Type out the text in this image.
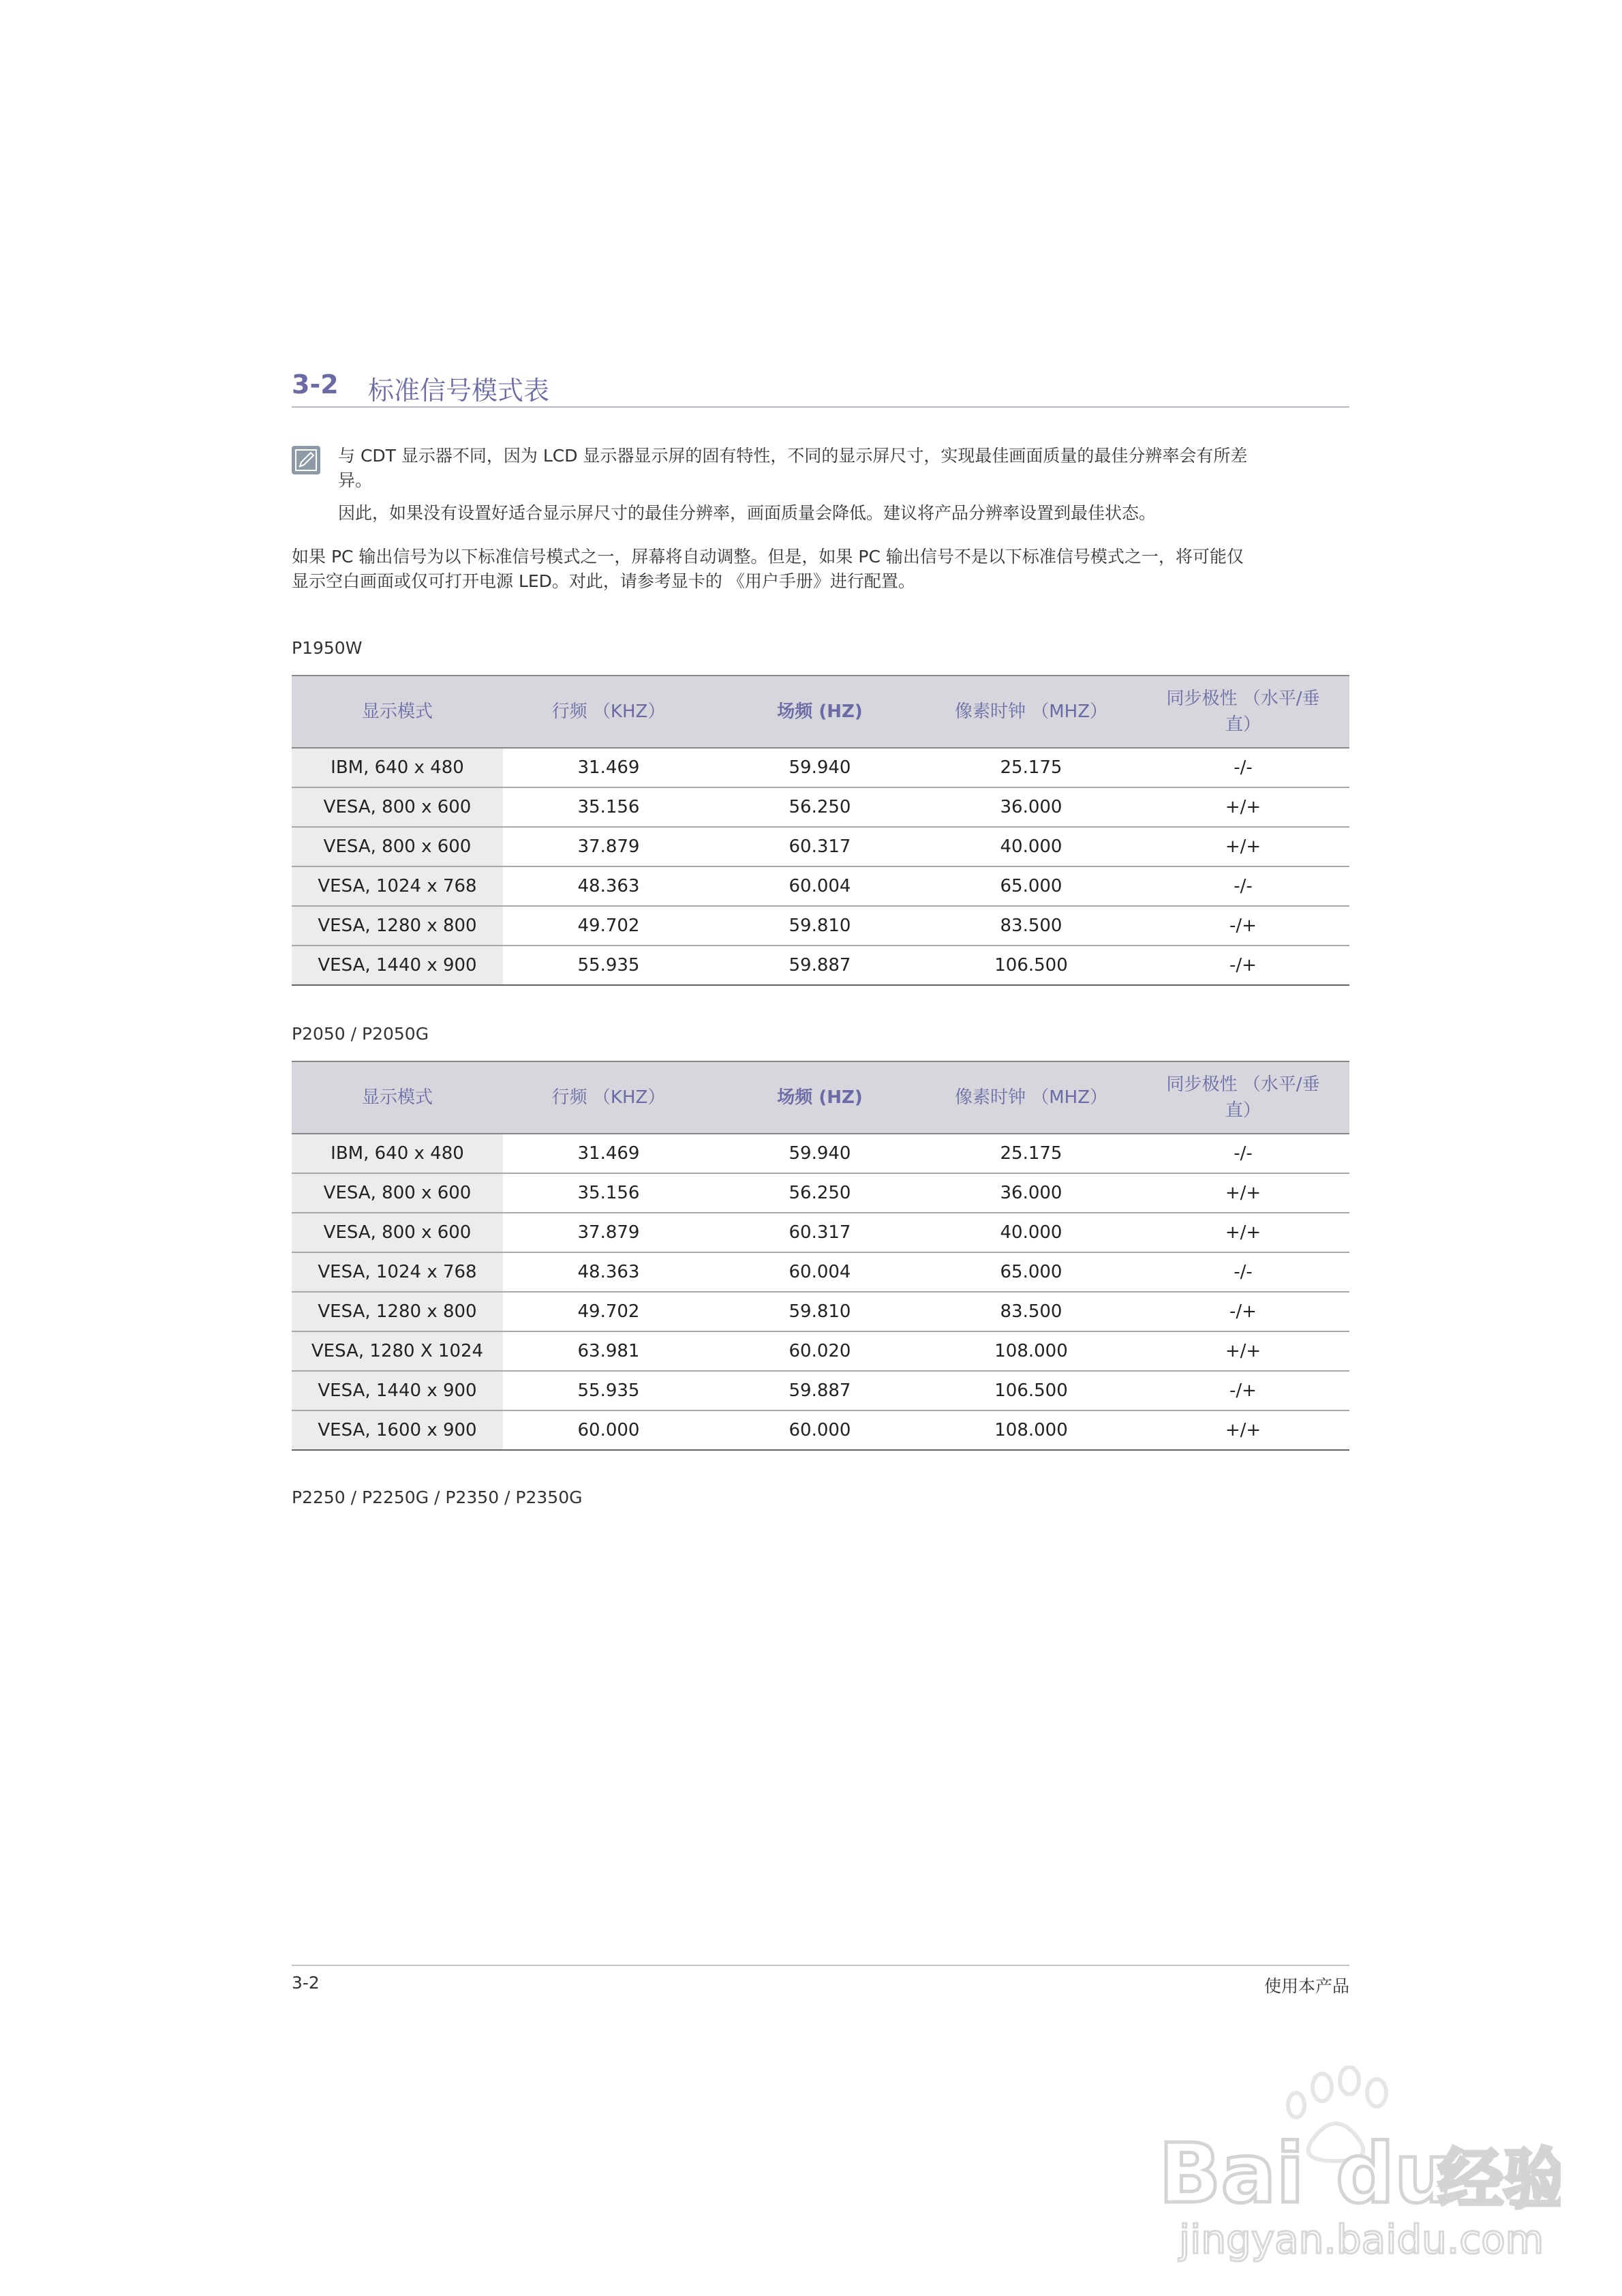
3-2 标准信号模式表
与 CDT 显示器不同，因为 LCD 显示器显示屏的固有特性，不同的显示屏尺寸，实现最佳画面质量的最佳分辨率会有所差
异。
因此，如果没有设置好适合显示屏尺寸的最佳分辨率，画面质量会降低。建议将产品分辨率设置到最佳状态。
如果 PC 输出信号为以下标准信号模式之一，屏幕将自动调整。但是，如果 PC 输出信号不是以下标准信号模式之一，将可能仅
显示空白画面或仅可打开电源 LED。对此，请参考显卡的 《用户手册》进行配置。
P1950W
显示模式	行频 （KHZ）	场频 (HZ)	像素时钟 （MHZ）	同步极性 （水平/垂
直）
IBM, 640 x 480	31.469	59.940	25.175	-/-
VESA, 800 x 600	35.156	56.250	36.000	+/+
VESA, 800 x 600	37.879	60.317	40.000	+/+
VESA, 1024 x 768	48.363	60.004	65.000	-/-
VESA, 1280 x 800	49.702	59.810	83.500	-/+
VESA, 1440 x 900	55.935	59.887	106.500	-/+
P2050 / P2050G
显示模式	行频 （KHZ）	场频 (HZ)	像素时钟 （MHZ）	同步极性 （水平/垂
直）
IBM, 640 x 480	31.469	59.940	25.175	-/-
VESA, 800 x 600	35.156	56.250	36.000	+/+
VESA, 800 x 600	37.879	60.317	40.000	+/+
VESA, 1024 x 768	48.363	60.004	65.000	-/-
VESA, 1280 x 800	49.702	59.810	83.500	-/+
VESA, 1280 X 1024	63.981	60.020	108.000	+/+
VESA, 1440 x 900	55.935	59.887	106.500	-/+
VESA, 1600 x 900	60.000	60.000	108.000	+/+
P2250 / P2250G / P2350 / P2350G
3-2	使用本产品
Bai du
经验
jingyan.baidu.com
